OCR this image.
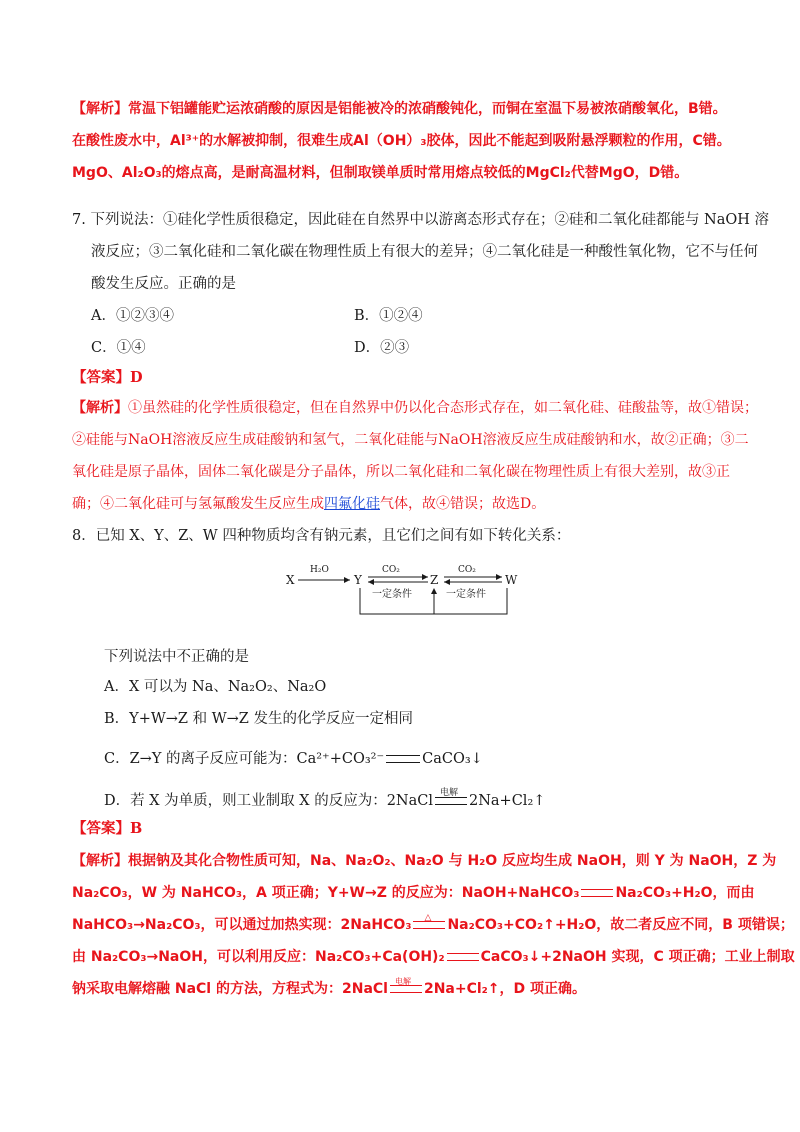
【解析】常温下铝罐能贮运浓硝酸的原因是铝能被冷的浓硝酸钝化，而铜在室温下易被浓硝酸氧化，B错。
在酸性废水中，Al³⁺的水解被抑制，很难生成Al（OH）₃胶体，因此不能起到吸附悬浮颗粒的作用，C错。
MgO、Al₂O₃的熔点高，是耐高温材料，但制取镁单质时常用熔点较低的MgCl₂代替MgO，D错。
7. 下列说法：①硅化学性质很稳定，因此硅在自然界中以游离态形式存在；②硅和二氧化硅都能与 NaOH 溶
液反应；③二氧化硅和二氧化碳在物理性质上有很大的差异；④二氧化硅是一种酸性氧化物，它不与任何
酸发生反应。正确的是
A．①②③④	B．①②④
C．①④	D．②③
【答案】D
【解析】①虽然硅的化学性质很稳定，但在自然界中仍以化合态形式存在，如二氧化硅、硅酸盐等，故①错误；
②硅能与NaOH溶液反应生成硅酸钠和氢气，二氧化硅能与NaOH溶液反应生成硅酸钠和水，故②正确；③二
氧化硅是原子晶体，固体二氧化碳是分子晶体，所以二氧化硅和二氧化碳在物理性质上有很大差别，故③正
确；④二氧化硅可与氢氟酸发生反应生成四氟化硅气体，故④错误；故选D。
8．已知 X、Y、Z、W 四种物质均含有钠元素，且它们之间有如下转化关系：
X
H₂O
Y
CO₂
一定条件
Z
CO₂
一定条件
W
下列说法中不正确的是
A．X 可以为 Na、Na₂O₂、Na₂O
B．Y+W→Z 和 W→Z 发生的化学反应一定相同
C．Z→Y 的离子反应可能为：Ca²⁺+CO₃²⁻	CaCO₃↓
D．若 X 为单质，则工业制取 X 的反应为：2NaCl 电解 2Na+Cl₂↑
【答案】B
【解析】根据钠及其化合物性质可知，Na、Na₂O₂、Na₂O 与 H₂O 反应均生成 NaOH，则 Y 为 NaOH，Z 为
Na₂CO₃，W 为 NaHCO₃，A 项正确；Y+W→Z 的反应为：NaOH+NaHCO₃	Na₂CO₃+H₂O，而由
NaHCO₃→Na₂CO₃，可以通过加热实现：2NaHCO₃ △ Na₂CO₃+CO₂↑+H₂O，故二者反应不同，B 项错误；
由 Na₂CO₃→NaOH，可以利用反应：Na₂CO₃+Ca(OH)₂	CaCO₃↓+2NaOH 实现，C 项正确；工业上制取
钠采取电解熔融 NaCl 的方法，方程式为：2NaCl 电解 2Na+Cl₂↑，D 项正确。
